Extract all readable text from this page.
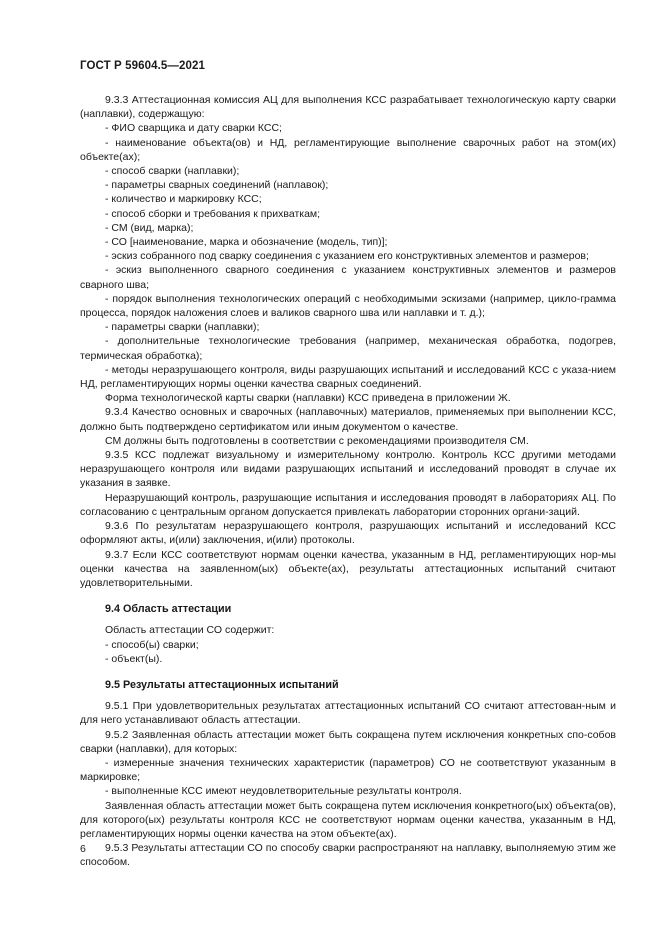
ГОСТ Р 59604.5—2021

9.3.3 Аттестационная комиссия АЦ для выполнения КСС разрабатывает технологическую карту сварки (наплавки), содержащую:

- ФИО сварщика и дату сварки КСС;
- наименование объекта(ов) и НД, регламентирующие выполнение сварочных работ на этом(их) объекте(ах);
- способ сварки (наплавки);
- параметры сварных соединений (наплавок);
- количество и маркировку КСС;
- способ сборки и требования к прихваткам;
- СМ (вид, марка);
- СО [наименование, марка и обозначение (модель, тип)];
- эскиз собранного под сварку соединения с указанием его конструктивных элементов и размеров;
- эскиз выполненного сварного соединения с указанием конструктивных элементов и размеров сварного шва;
- порядок выполнения технологических операций с необходимыми эскизами (например, цикло-грамма процесса, порядок наложения слоев и валиков сварного шва или наплавки и т. д.);
- параметры сварки (наплавки);
- дополнительные технологические требования (например, механическая обработка, подогрев, термическая обработка);
- методы неразрушающего контроля, виды разрушающих испытаний и исследований КСС с указа-нием НД, регламентирующих нормы оценки качества сварных соединений.

Форма технологической карты сварки (наплавки) КСС приведена в приложении Ж.

9.3.4 Качество основных и сварочных (наплавочных) материалов, применяемых при выполнении КСС, должно быть подтверждено сертификатом или иным документом о качестве.

СМ должны быть подготовлены в соответствии с рекомендациями производителя СМ.

9.3.5 КСС подлежат визуальному и измерительному контролю. Контроль КСС другими методами неразрушающего контроля или видами разрушающих испытаний и исследований проводят в случае их указания в заявке.

Неразрушающий контроль, разрушающие испытания и исследования проводят в лабораториях АЦ. По согласованию с центральным органом допускается привлекать лаборатории сторонних органи-заций.

9.3.6 По результатам неразрушающего контроля, разрушающих испытаний и исследований КСС оформляют акты, и(или) заключения, и(или) протоколы.

9.3.7 Если КСС соответствуют нормам оценки качества, указанным в НД, регламентирующих нор-мы оценки качества на заявленном(ых) объекте(ах), результаты аттестационных испытаний считают удовлетворительными.

9.4 Область аттестации

Область аттестации СО содержит:

- способ(ы) сварки;
- объект(ы).
9.5 Результаты аттестационных испытаний

9.5.1 При удовлетворительных результатах аттестационных испытаний СО считают аттестован-ным и для него устанавливают область аттестации.

9.5.2 Заявленная область аттестации может быть сокращена путем исключения конкретных спо-собов сварки (наплавки), для которых:

- измеренные значения технических характеристик (параметров) СО не соответствуют указанным в маркировке;
- выполненные КСС имеют неудовлетворительные результаты контроля.

Заявленная область аттестации может быть сокращена путем исключения конкретного(ых) объекта(ов), для которого(ых) результаты контроля КСС не соответствуют нормам оценки качества, указанным в НД, регламентирующих нормы оценки качества на этом объекте(ах).

9.5.3 Результаты аттестации СО по способу сварки распространяют на наплавку, выполняемую этим же способом.

6
